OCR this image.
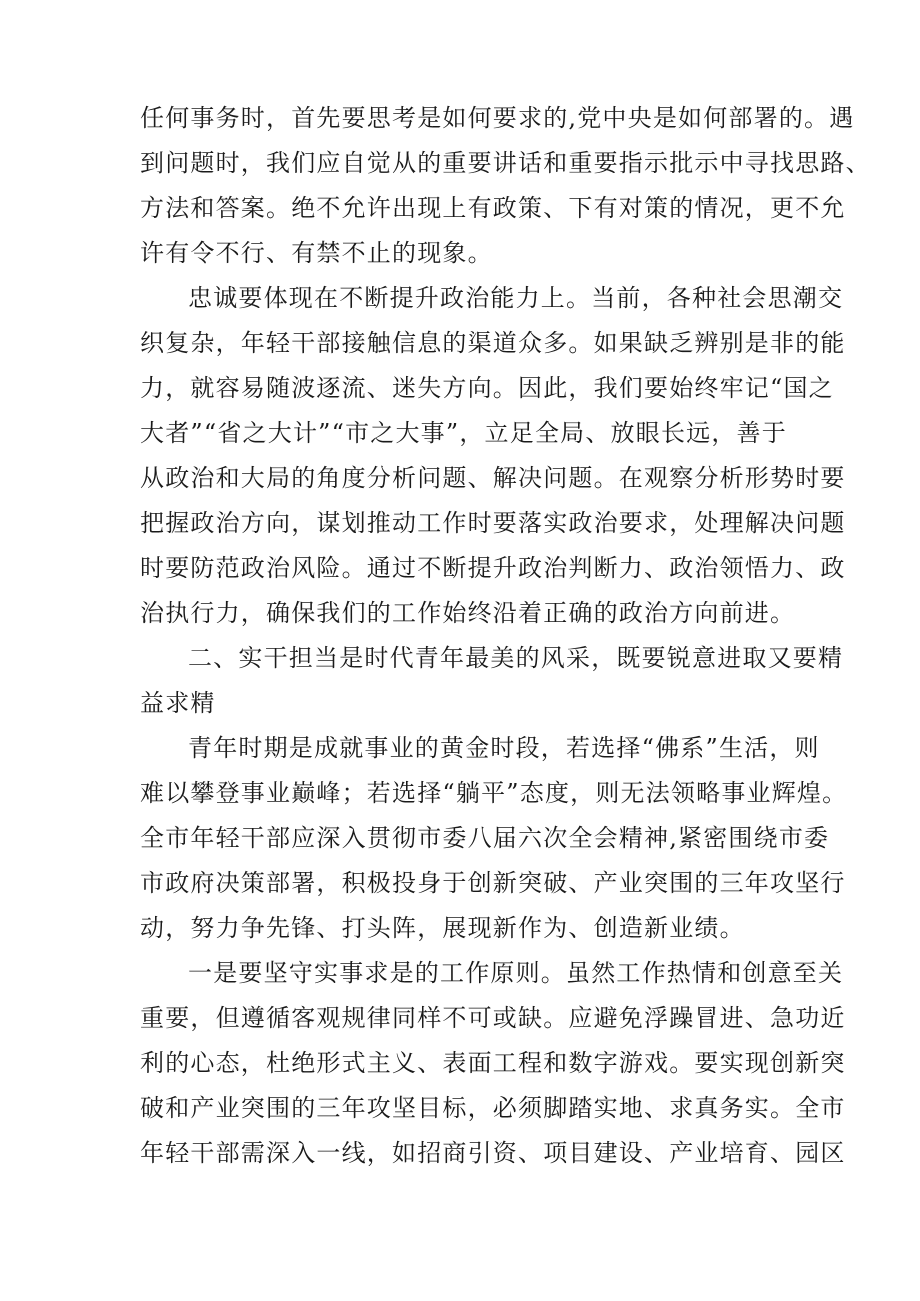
任何事务时，首先要思考是如何要求的,党中央是如何部署的。遇
到问题时，我们应自觉从的重要讲话和重要指示批示中寻找思路、
方法和答案。绝不允许出现上有政策、下有对策的情况，更不允
许有令不行、有禁不止的现象。
忠诚要体现在不断提升政治能力上。当前，各种社会思潮交
织复杂，年轻干部接触信息的渠道众多。如果缺乏辨别是非的能
力，就容易随波逐流、迷失方向。因此，我们要始终牢记“国之
大者”“省之大计”“市之大事”，立足全局、放眼长远，善于
从政治和大局的角度分析问题、解决问题。在观察分析形势时要
把握政治方向，谋划推动工作时要落实政治要求，处理解决问题
时要防范政治风险。通过不断提升政治判断力、政治领悟力、政
治执行力，确保我们的工作始终沿着正确的政治方向前进。
二、实干担当是时代青年最美的风采，既要锐意进取又要精
益求精
青年时期是成就事业的黄金时段，若选择“佛系”生活，则
难以攀登事业巅峰；若选择“躺平”态度，则无法领略事业辉煌。
全市年轻干部应深入贯彻市委八届六次全会精神,紧密围绕市委
市政府决策部署，积极投身于创新突破、产业突围的三年攻坚行
动，努力争先锋、打头阵，展现新作为、创造新业绩。
一是要坚守实事求是的工作原则。虽然工作热情和创意至关
重要，但遵循客观规律同样不可或缺。应避免浮躁冒进、急功近
利的心态，杜绝形式主义、表面工程和数字游戏。要实现创新突
破和产业突围的三年攻坚目标，必须脚踏实地、求真务实。全市
年轻干部需深入一线，如招商引资、项目建设、产业培育、园区
